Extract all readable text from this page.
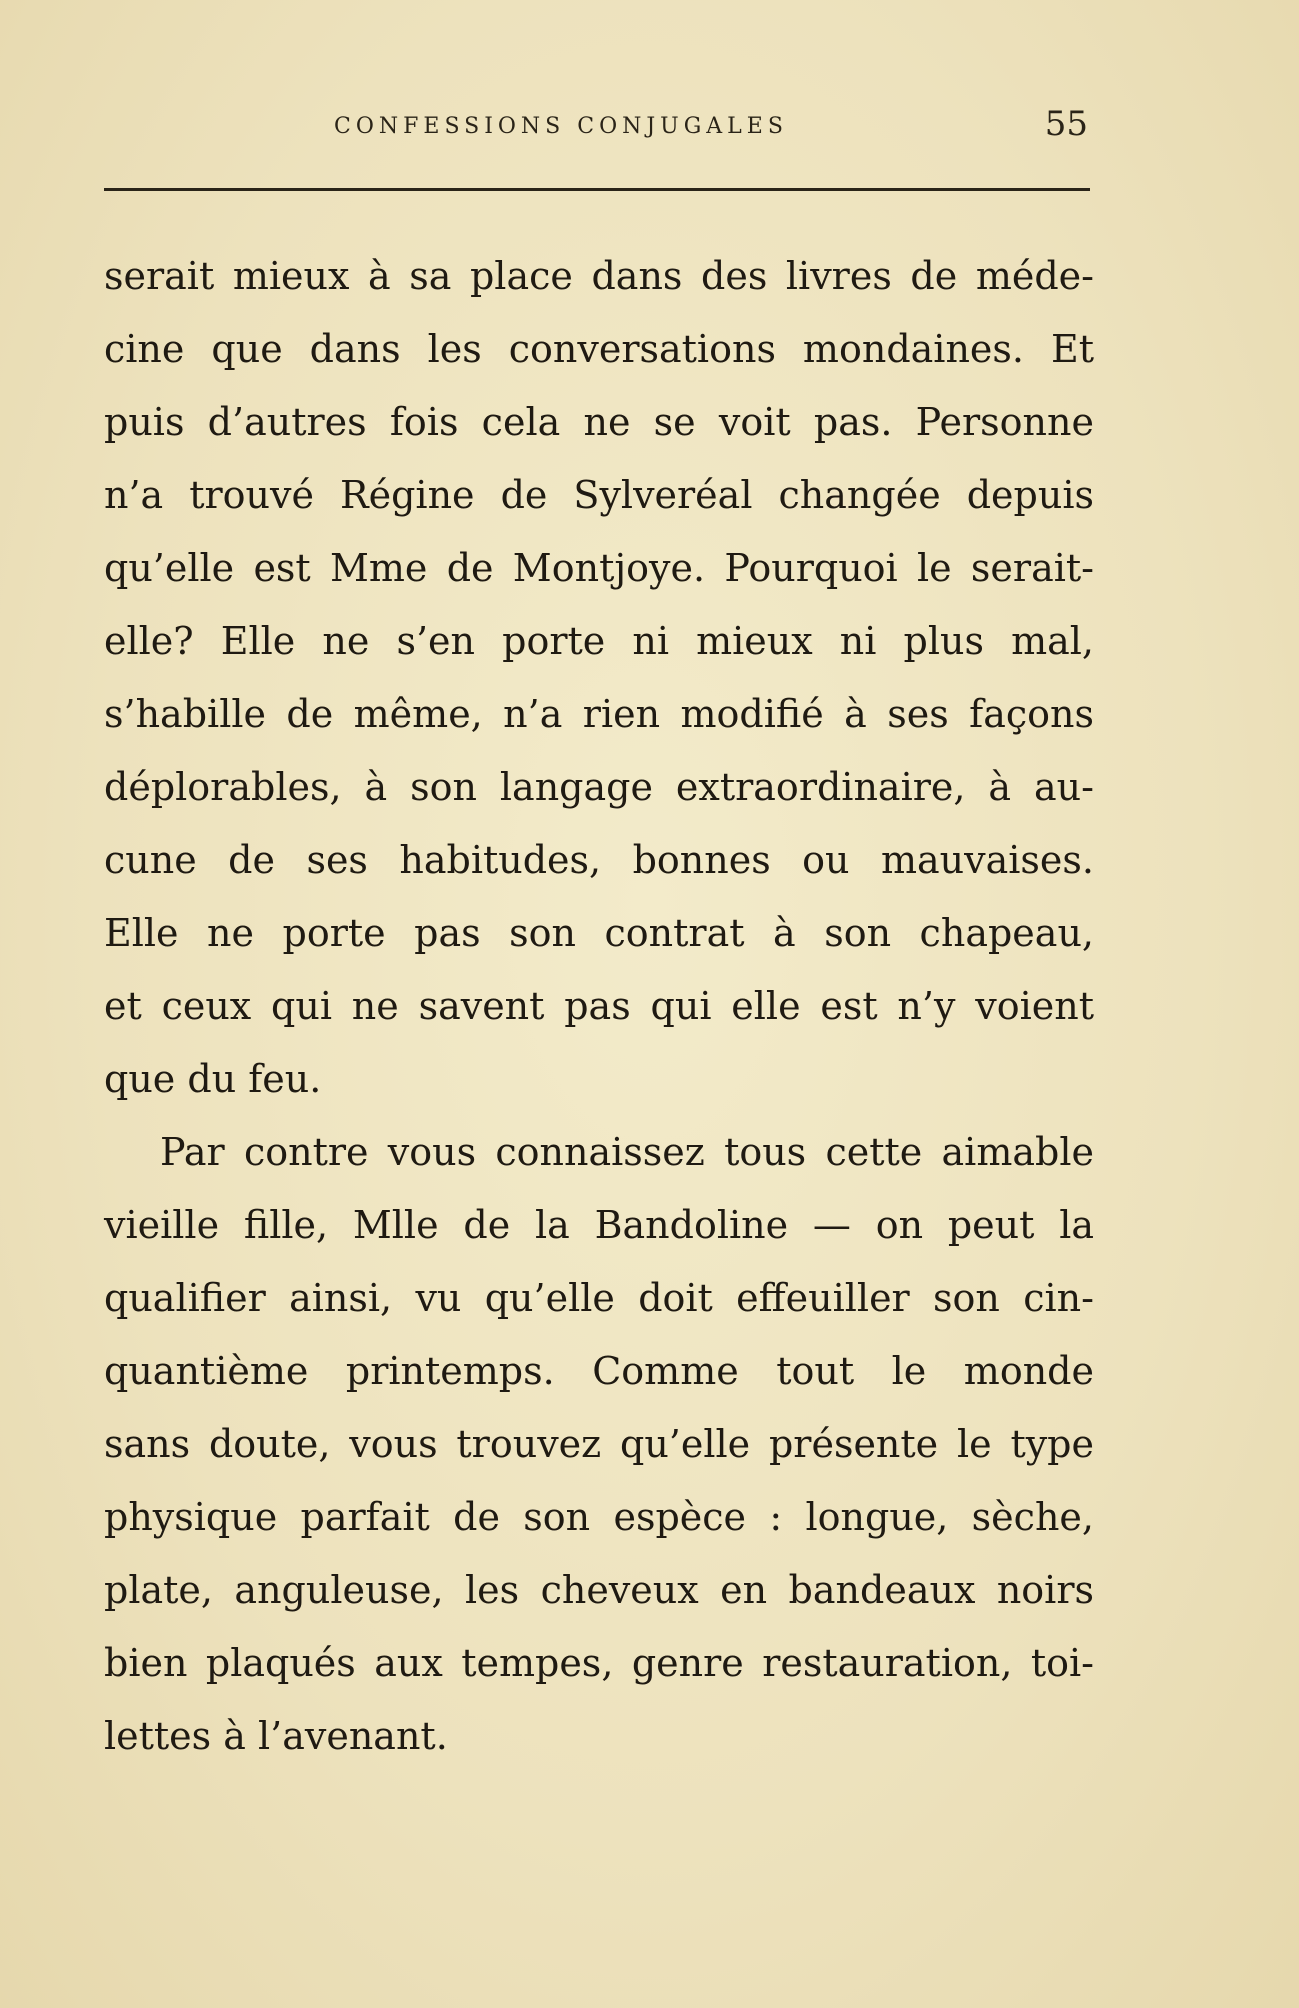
CONFESSIONS CONJUGALES	55
serait mieux à sa place dans des livres de méde-
cine que dans les conversations mondaines. Et
puis d’autres fois cela ne se voit pas. Personne
n’a trouvé Régine de Sylveréal changée depuis
qu’elle est Mme de Montjoye. Pourquoi le serait-
elle? Elle ne s’en porte ni mieux ni plus mal,
s’habille de même, n’a rien modifié à ses façons
déplorables, à son langage extraordinaire, à au-
cune de ses habitudes, bonnes ou mauvaises.
Elle ne porte pas son contrat à son chapeau,
et ceux qui ne savent pas qui elle est n’y voient
que du feu.
Par contre vous connaissez tous cette aimable
vieille fille, Mlle de la Bandoline — on peut la
qualifier ainsi, vu qu’elle doit effeuiller son cin-
quantième printemps. Comme tout le monde
sans doute, vous trouvez qu’elle présente le type
physique parfait de son espèce : longue, sèche,
plate, anguleuse, les cheveux en bandeaux noirs
bien plaqués aux tempes, genre restauration, toi-
lettes à l’avenant.
